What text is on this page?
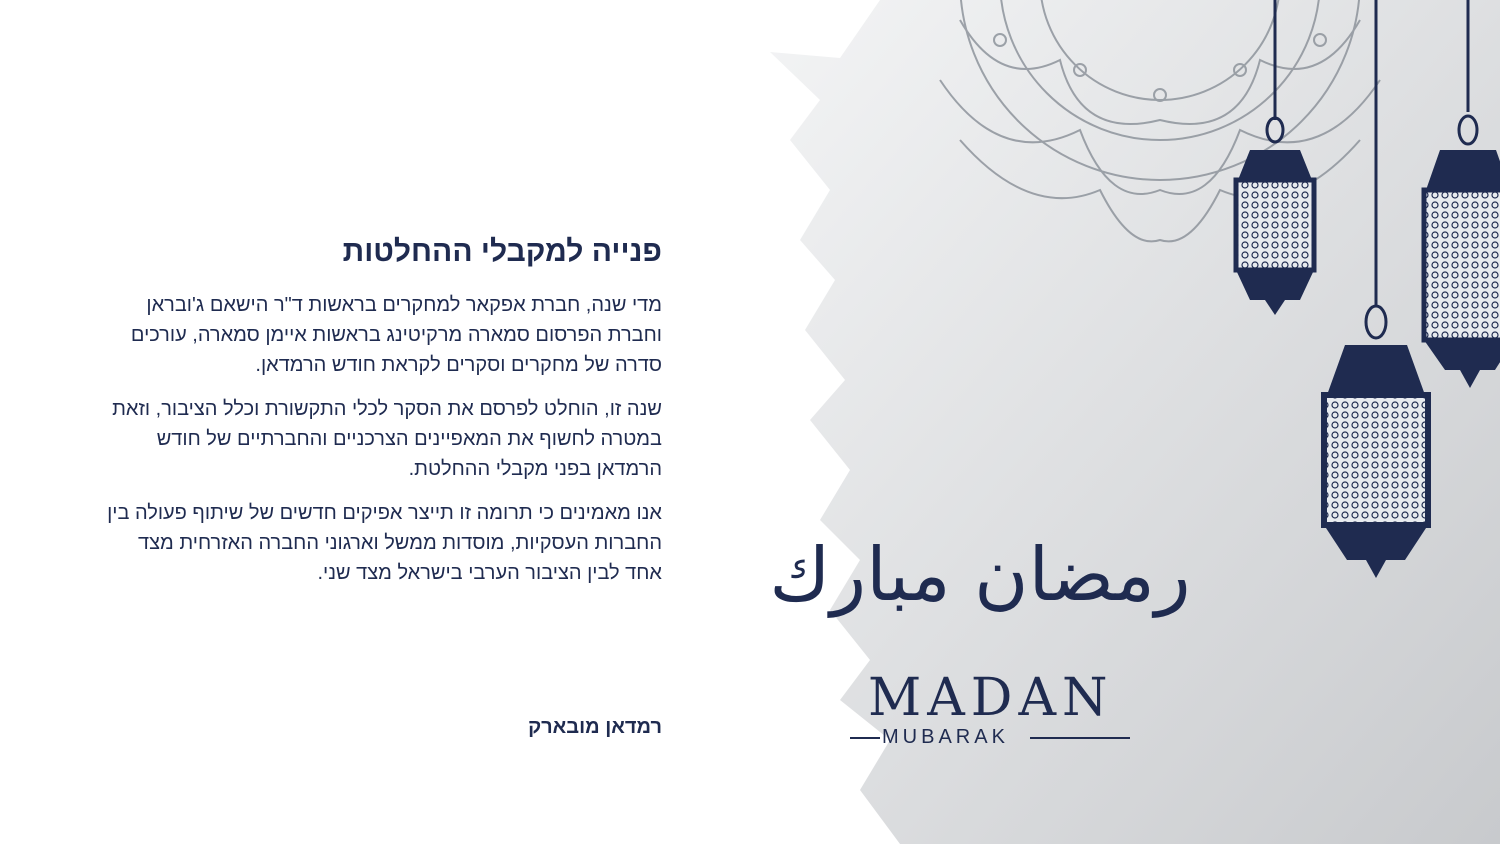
رمضان مبارك
MADAN
MUBARAK
פנייה למקבלי ההחלטות

מדי שנה, חברת אפקאר למחקרים בראשות ד"ר הישאם ג'ובראן וחברת הפרסום סמארה מרקיטינג בראשות איימן סמארה, עורכים סדרה של מחקרים וסקרים לקראת חודש הרמדאן.

שנה זו, הוחלט לפרסם את הסקר לכלי התקשורת וכלל הציבור, וזאת במטרה לחשוף את המאפיינים הצרכניים והחברתיים של חודש הרמדאן בפני מקבלי ההחלטת.

אנו מאמינים כי תרומה זו תייצר אפיקים חדשים של שיתוף פעולה בין החברות העסקיות, מוסדות ממשל וארגוני החברה האזרחית מצד אחד לבין הציבור הערבי בישראל מצד שני.

רמדאן מובארק
